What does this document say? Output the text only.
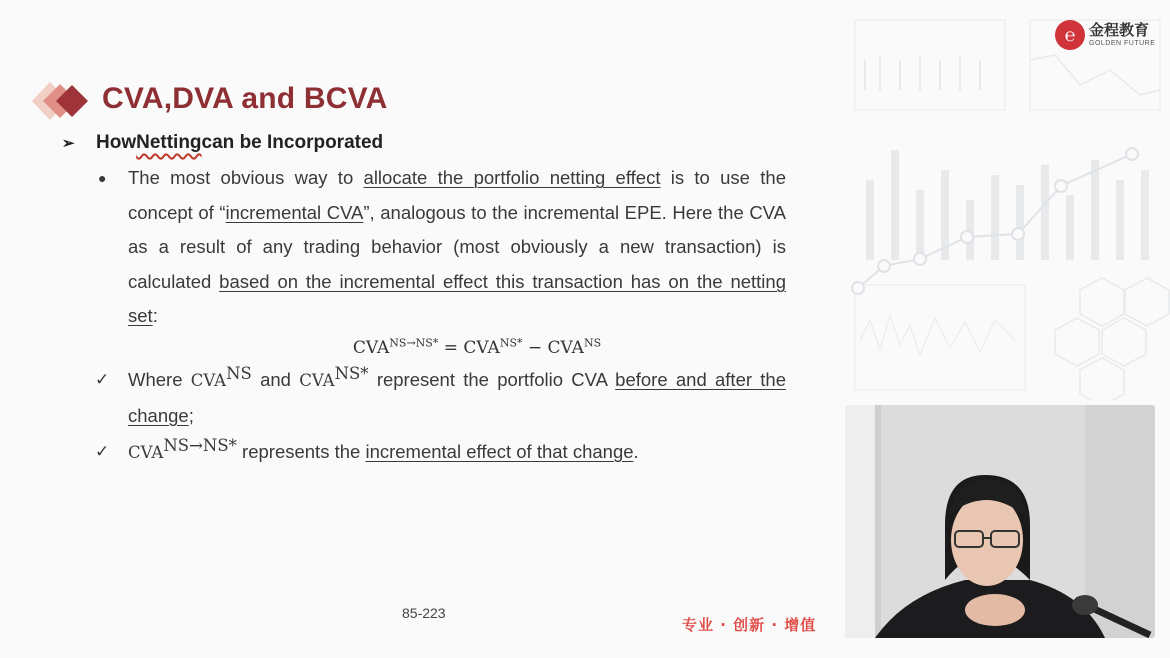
℮ 金程教育
GOLDEN FUTURE
CVA,DVA and BCVA
➢	How Netting can be Incorporated
● The most obvious way to allocate the portfolio netting effect is to use the concept of “incremental CVA”, analogous to the incremental EPE. Here the CVA as a result of any trading behavior (most obviously a new transaction) is calculated based on the incremental effect this transaction has on the netting set:
$CVA^{NS\to NS*} = CVA^{NS*} - CVA^{NS}$
✓ Where $CVA^{NS}$ and $CVA^{NS*}$ represent the portfolio CVA before and after the change;
✓ $CVA^{NS\to NS*}$ represents the incremental effect of that change.
85-223
专业 · 创新 · 增值
